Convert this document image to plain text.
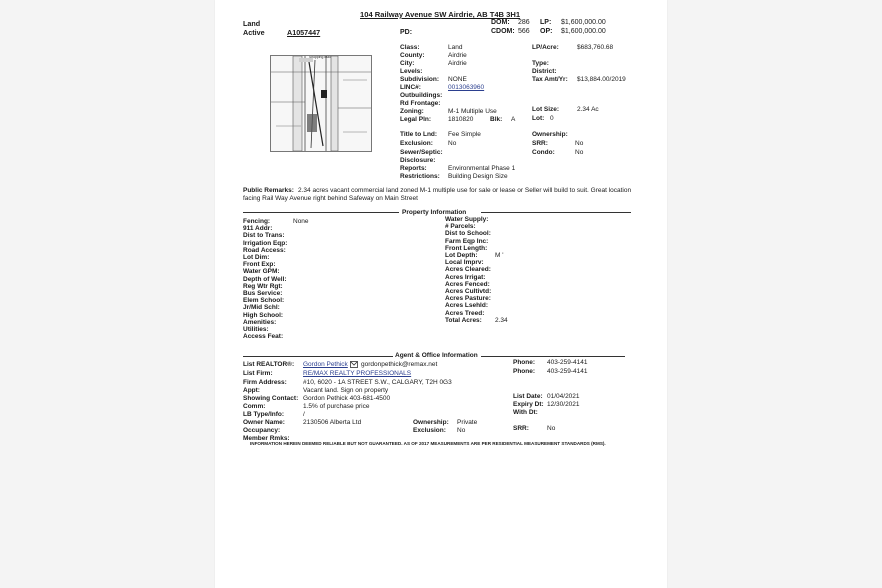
104 Railway Avenue SW Airdrie, AB T4B 3H1
Land
Active	A1057447	PD:
DOM: 286 LP: $1,600,000.00
CDOM: 566 OP: $1,600,000.00
Shopping Mall
Class:	Land
County:	Airdrie
City:	Airdrie
Levels:
Subdivision: NONE
LINC#:	0013063960
Outbuildings:
Rd Frontage:
Zoning:	M-1 Multiple Use
Legal Pln:	1810820	Blk: A
LP/Acre:	$683,760.68
Type:
District:
Tax Amt/Yr: $13,884.00/2019
Lot Size:	2.34 Ac
Lot: 0
Title to Lnd: Fee Simple
Exclusion: No
Sewer/Septic:
Disclosure:
Reports:	Environmental Phase 1
Restrictions: Building Design Size
Ownership:
SRR:	No
Condo:	No
Public Remarks: 2.34 acres vacant commercial land zoned M-1 multiple use for sale or lease or Seller will build to suit. Great location
facing Rail Way Avenue right behind Safeway on Main Street
Property Information
Fencing:	None
911 Addr:
Dist to Trans:
Irrigation Eqp:
Road Access:
Lot Dim:
Front Exp:
Water GPM:
Depth of Well:
Reg Wtr Rgt:
Bus Service:
Elem School:
Jr/Mid Schl:
High School:
Amenities:
Utilities:
Access Feat:
Water Supply:
# Parcels:
Dist to School:
Farm Eqp Inc:
Front Length:
Lot Depth:	M '
Local Imprv:
Acres Cleared:
Acres Irrigat:
Acres Fenced:
Acres Cultivtd:
Acres Pasture:
Acres Lsehld:
Acres Treed:
Total Acres: 2.34
Agent & Office Information
List REALTOR®: Gordon Pethick gordonpethick@remax.net
List Firm:	RE/MAX REALTY PROFESSIONALS
Firm Address: #10, 6020 - 1A STREET S.W., CALGARY, T2H 0G3
Appt:	Vacant land. Sign on property
Showing Contact: Gordon Pethick 403-681-4500
Comm:	1.5% of purchase price
LB Type/Info:	/
Owner Name:	2130506 Alberta Ltd
Occupancy:
Member Rmks:
Phone: 403-259-4141
Phone: 403-259-4141
List Date: 01/04/2021
Expiry Dt: 12/30/2021
With Dt:
Ownership: Private
Exclusion: No	SRR:	No
INFORMATION HEREIN DEEMED RELIABLE BUT NOT GUARANTEED. AS OF 2017 MEASUREMENTS ARE PER RESIDENTIAL MEASUREMENT STANDARDS (RMS).
